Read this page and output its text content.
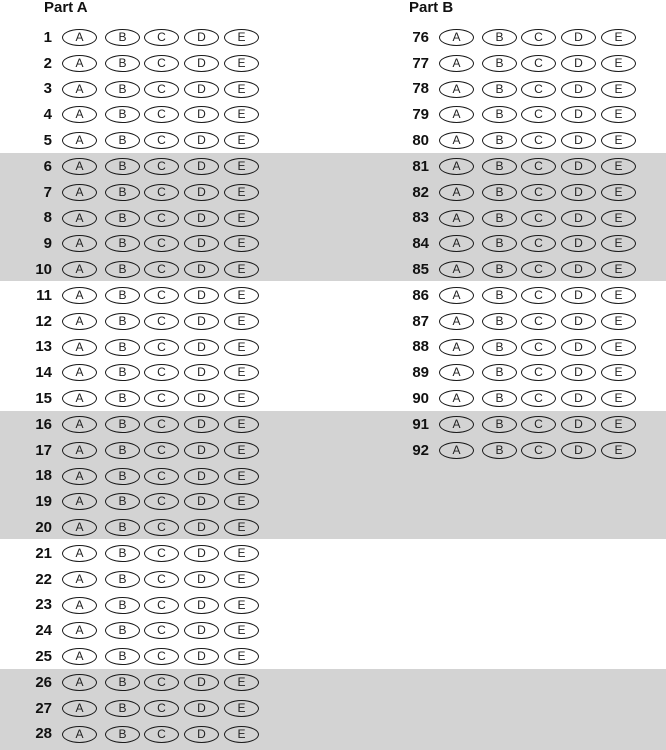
Part A	Part B
1	A	B	C	D	E
2	A	B	C	D	E
3	A	B	C	D	E
4	A	B	C	D	E
5	A	B	C	D	E
6	A	B	C	D	E
7	A	B	C	D	E
8	A	B	C	D	E
9	A	B	C	D	E
10	A	B	C	D	E
11	A	B	C	D	E
12	A	B	C	D	E
13	A	B	C	D	E
14	A	B	C	D	E
15	A	B	C	D	E
16	A	B	C	D	E
17	A	B	C	D	E
18	A	B	C	D	E
19	A	B	C	D	E
20	A	B	C	D	E
21	A	B	C	D	E
22	A	B	C	D	E
23	A	B	C	D	E
24	A	B	C	D	E
25	A	B	C	D	E
26	A	B	C	D	E
27	A	B	C	D	E
28	A	B	C	D	E
76	A	B	C	D	E
77	A	B	C	D	E
78	A	B	C	D	E
79	A	B	C	D	E
80	A	B	C	D	E
81	A	B	C	D	E
82	A	B	C	D	E
83	A	B	C	D	E
84	A	B	C	D	E
85	A	B	C	D	E
86	A	B	C	D	E
87	A	B	C	D	E
88	A	B	C	D	E
89	A	B	C	D	E
90	A	B	C	D	E
91	A	B	C	D	E
92	A	B	C	D	E
